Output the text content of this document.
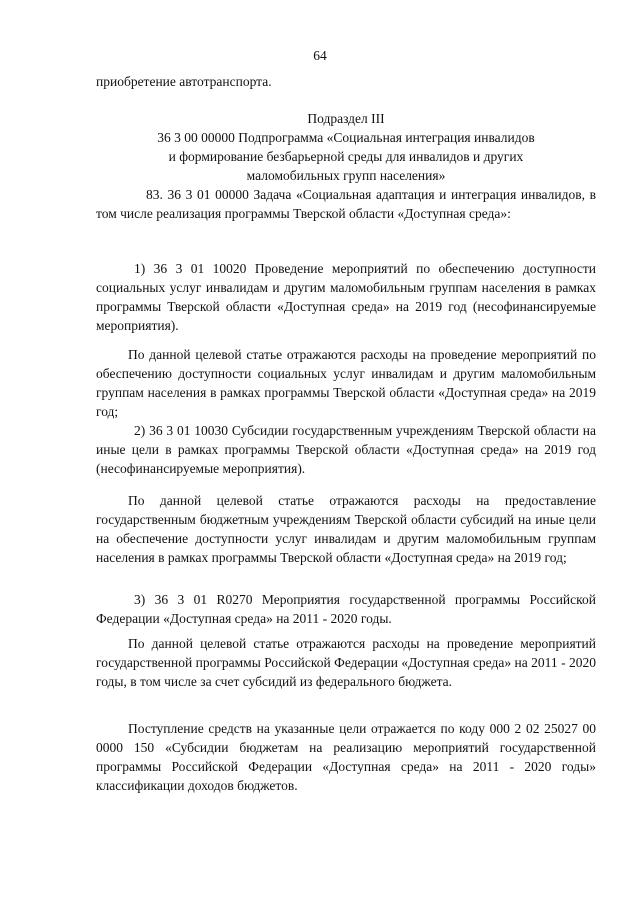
64

приобретение автотранспорта.

Подраздел III

36 3 00 00000 Подпрограмма «Социальная интеграция инвалидов

и формирование безбарьерной среды для инвалидов и других

маломобильных групп населения»

83. 36 3 01 00000 Задача «Социальная адаптация и интеграция инвалидов, в том числе реализация программы Тверской области «Доступная среда»:

1) 36 3 01 10020 Проведение мероприятий по обеспечению доступности социальных услуг инвалидам и другим маломобильным группам населения в рамках программы Тверской области «Доступная среда» на 2019 год (несофинансируемые мероприятия).

По данной целевой статье отражаются расходы на проведение мероприятий по обеспечению доступности социальных услуг инвалидам и другим маломобильным группам населения в рамках программы Тверской области «Доступная среда» на 2019 год;

2) 36 3 01 10030 Субсидии государственным учреждениям Тверской области на иные цели в рамках программы Тверской области «Доступная среда» на 2019 год (несофинансируемые мероприятия).

По данной целевой статье отражаются расходы на предоставление государственным бюджетным учреждениям Тверской области субсидий на иные цели на обеспечение доступности услуг инвалидам и другим маломобильным группам населения в рамках программы Тверской области «Доступная среда» на 2019 год;

3) 36 3 01 R0270 Мероприятия государственной программы Российской Федерации «Доступная среда» на 2011 - 2020 годы.

По данной целевой статье отражаются расходы на проведение мероприятий государственной программы Российской Федерации «Доступная среда» на 2011 - 2020 годы, в том числе за счет субсидий из федерального бюджета.

Поступление средств на указанные цели отражается по коду 000 2 02 25027 00 0000 150 «Субсидии бюджетам на реализацию мероприятий государственной программы Российской Федерации «Доступная среда» на 2011 - 2020 годы» классификации доходов бюджетов.
